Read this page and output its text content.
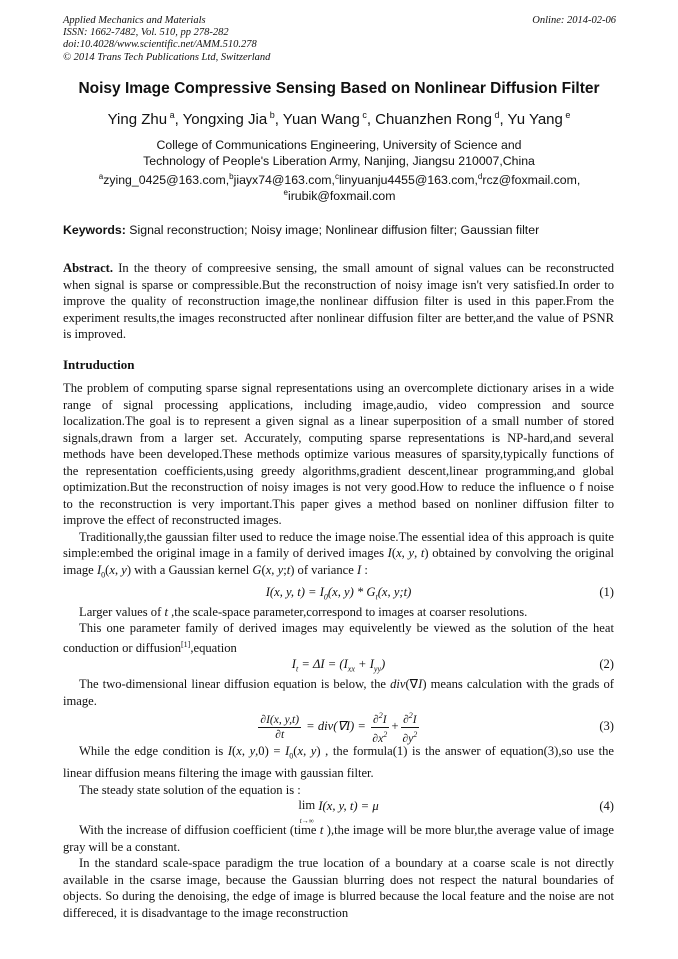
Applied Mechanics and Materials
ISSN: 1662-7482, Vol. 510, pp 278-282
doi:10.4028/www.scientific.net/AMM.510.278
© 2014 Trans Tech Publications Ltd, Switzerland
Online: 2014-02-06
Noisy Image Compressive Sensing Based on Nonlinear Diffusion Filter
Ying Zhu $^a$, Yongxing Jia $^b$, Yuan Wang $^c$, Chuanzhen Rong $^d$, Yu Yang $^e$
College of Communications Engineering, University of Science and Technology of People's Liberation Army, Nanjing, Jiangsu 210007,China
$^a$zying_0425@163.com,$^b$jiayx74@163.com,$^c$linyuanju4455@163.com,$^d$rcz@foxmail.com,
$^e$irubik@foxmail.com
Keywords: Signal reconstruction; Noisy image; Nonlinear diffusion filter; Gaussian filter

Abstract. In the theory of compreesive sensing, the small amount of signal values can be reconstructed when signal is sparse or compressible.But the reconstruction of noisy image isn't very satisfied.In order to improve the quality of reconstruction image,the nonlinear diffusion filter is used in this paper.From the experiment results,the images reconstructed after nonlinear diffusion filter are better,and the value of PSNR is improved.

Intruduction

The problem of computing sparse signal representations using an overcomplete dictionary arises in a wide range of signal processing applications, including image,audio, video compression and source localization.The goal is to represent a given signal as a linear superposition of a small number of stored signals,drawn from a larger set. Accurately, computing sparse representations is NP-hard,and several methods have been developed.These methods optimize various measures of sparsity,typically functions of the representation coefficients,using greedy algorithms,gradient descent,linear programming,and global optimization.But the reconstruction of noisy images is not very good.How to reduce the influence o f noise to the reconstruction is very important.This paper gives a method based on nonliner diffusion filter to improve the effect of reconstructed images.

Traditionally,the gaussian filter used to reduce the image noise.The essential idea of this approach is quite simple:embed the original image in a family of derived images I(x, y, t) obtained by convolving the original image $I_0(x$, y) with a Gaussian kernel G(x, y;t) of variance I :

I(x, y, $t) = I_0(x$, $y) * G_t(x$, y;t)	(1)

Larger values of t ,the scale-space parameter,correspond to images at coarser resolutions.

This one parameter family of derived images may equivelently be viewed as the solution of the heat conduction or diffusion[1],equation

$I_t = \Delta I = (I_{xx} + I_{yy})$	(2)

The two-dimensional linear diffusion equation is below, the div(∇I) means calculation with the grads of image.

$\frac{\partial I(x, y,t)}{\partial t} = div(\nabla I) = \frac{\partial^2I}{\partial x^2} + \frac{\partial^2I}{\partial y^2}$	(3)

While the edge condition is I(x, $y,0) = I_0(x$, y) , the formula(1) is the answer of equation(3),so use the linear diffusion means filtering the image with gaussian filter.

The steady state solution of the equation is :

lim
t→∞ I(x, y, t) = μ	(4)

With the increase of diffusion coefficient (time t ),the image will be more blur,the average value of image gray will be a constant.

In the standard scale-space paradigm the true location of a boundary at a coarse scale is not directly available in the csarse image, because the Gaussian blurring does not respect the natural boundaries of objects. So during the denoising, the edge of image is blurred because the local feature and the noise are not differeced, it is disadvantage to the image reconstruction
